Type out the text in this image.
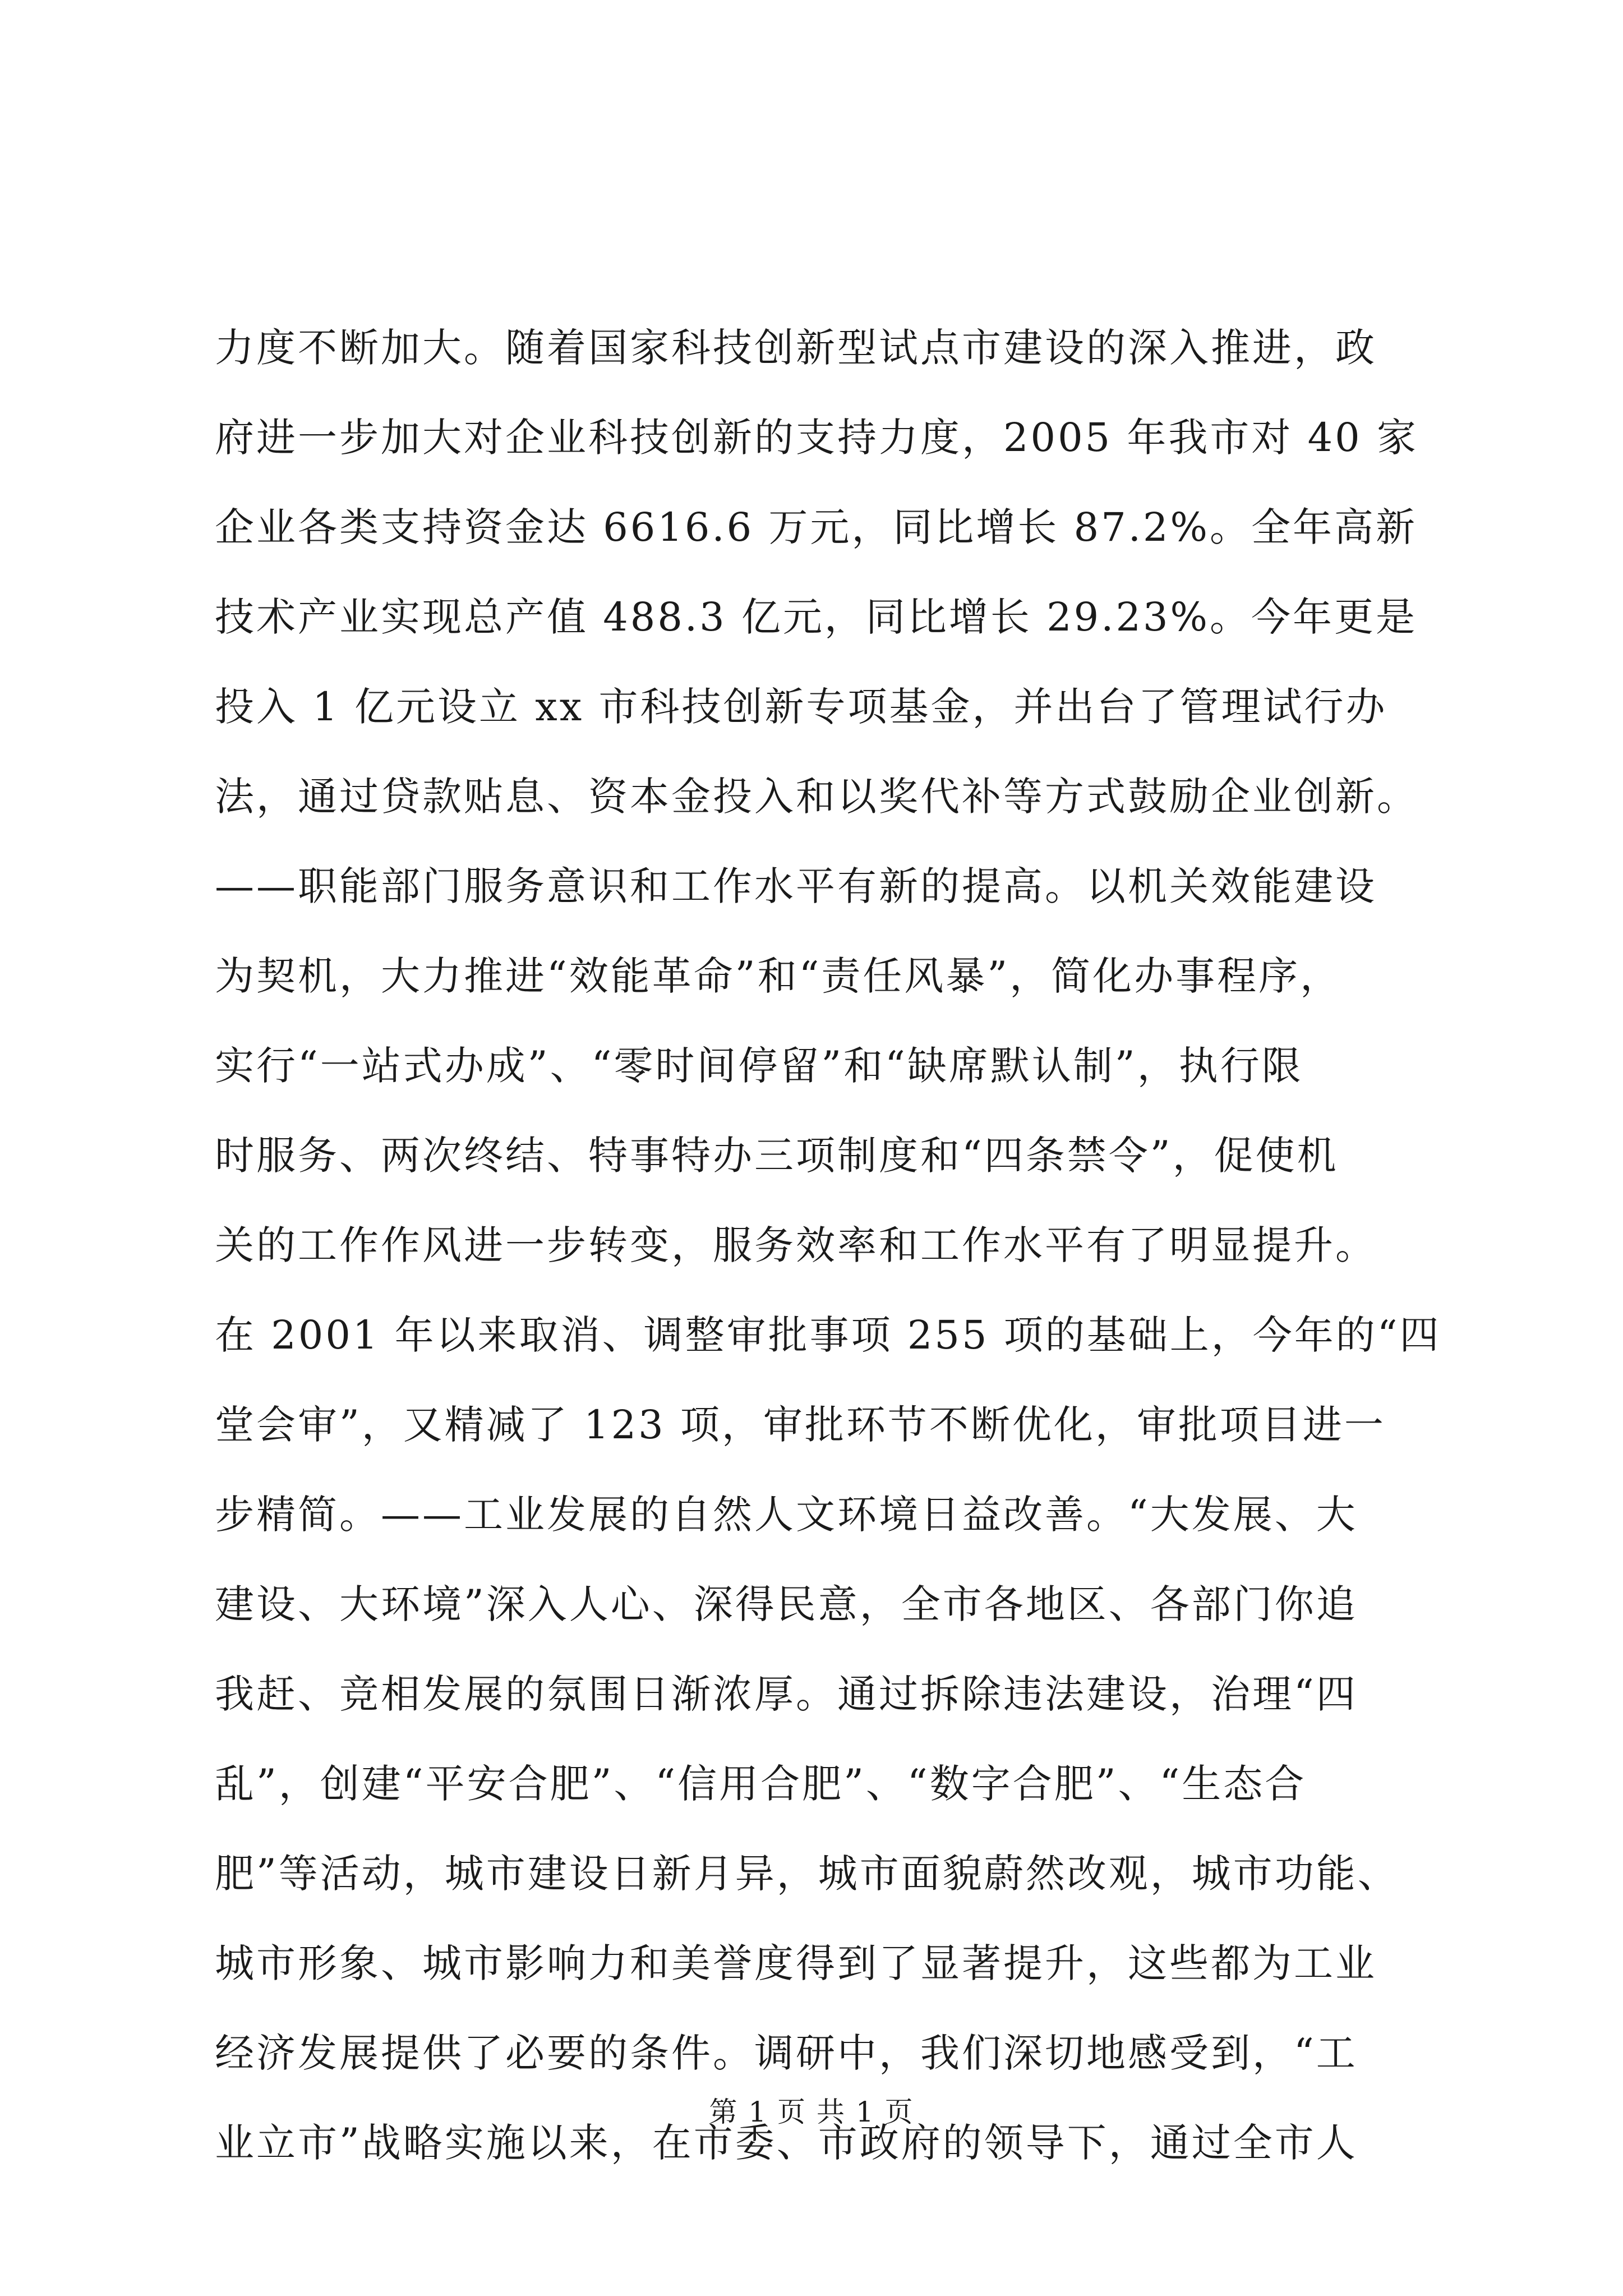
力度不断加大。随着国家科技创新型试点市建设的深入推进，政
府进一步加大对企业科技创新的支持力度，2005 年我市对 40 家
企业各类支持资金达 6616.6 万元，同比增长 87.2%。全年高新
技术产业实现总产值 488.3 亿元，同比增长 29.23%。今年更是
投入 1 亿元设立 xx 市科技创新专项基金，并出台了管理试行办
法，通过贷款贴息、资本金投入和以奖代补等方式鼓励企业创新。
——职能部门服务意识和工作水平有新的提高。以机关效能建设
为契机，大力推进“效能革命”和“责任风暴”，简化办事程序，
实行“一站式办成”、“零时间停留”和“缺席默认制”，执行限
时服务、两次终结、特事特办三项制度和“四条禁令”，促使机
关的工作作风进一步转变，服务效率和工作水平有了明显提升。
在 2001 年以来取消、调整审批事项 255 项的基础上，今年的“四
堂会审”，又精减了 123 项，审批环节不断优化，审批项目进一
步精简。——工业发展的自然人文环境日益改善。“大发展、大
建设、大环境”深入人心、深得民意，全市各地区、各部门你追
我赶、竞相发展的氛围日渐浓厚。通过拆除违法建设，治理“四
乱”，创建“平安合肥”、“信用合肥”、“数字合肥”、“生态合
肥”等活动，城市建设日新月异，城市面貌蔚然改观，城市功能、
城市形象、城市影响力和美誉度得到了显著提升，这些都为工业
经济发展提供了必要的条件。调研中，我们深切地感受到，“工
业立市”战略实施以来，在市委、市政府的领导下，通过全市人
第 1 页 共 1 页
